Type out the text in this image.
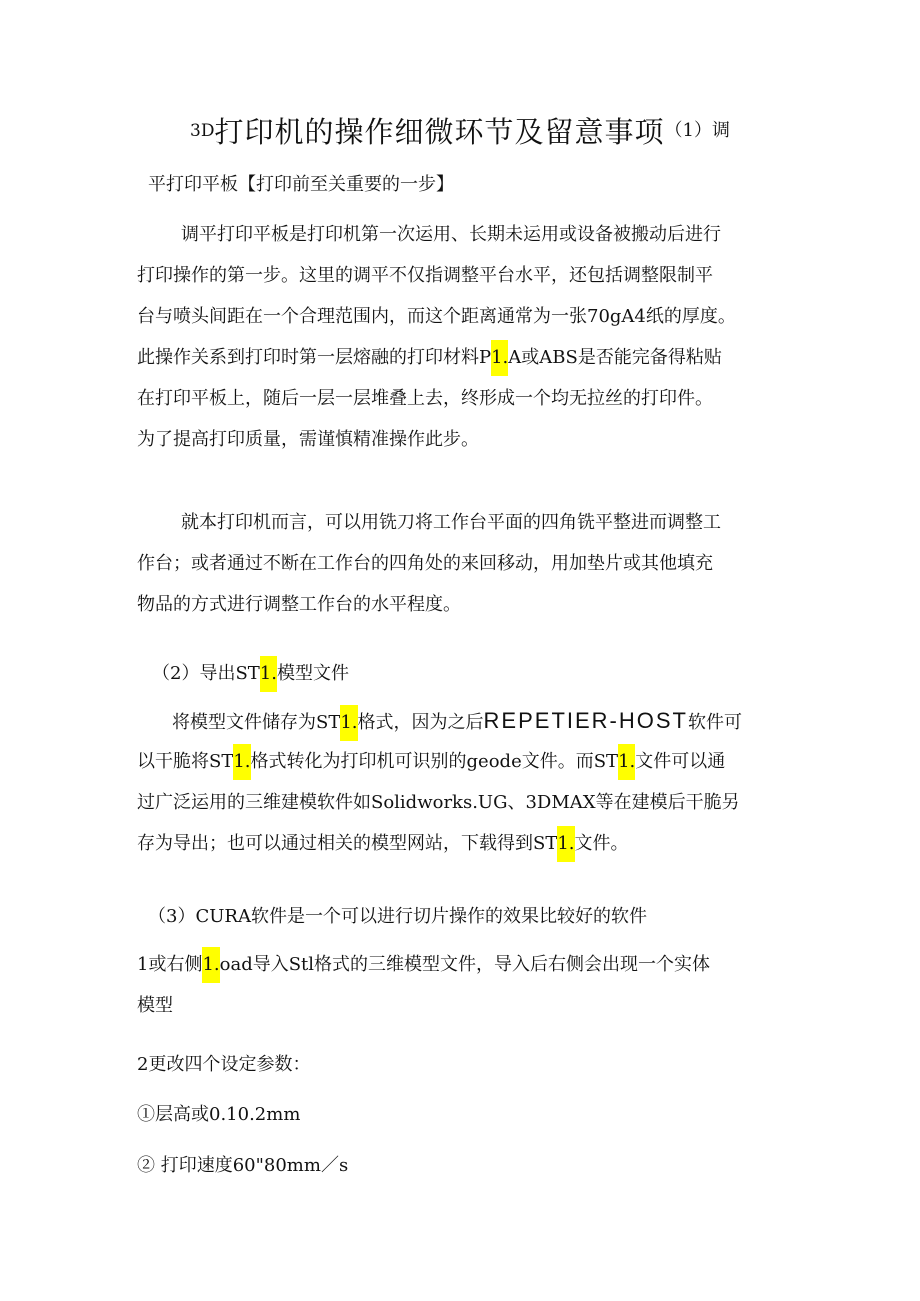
3D打印机的操作细微环节及留意事项（1）调
平打印平板【打印前至关重要的一步】
调平打印平板是打印机第一次运用、长期未运用或设备被搬动后进行
打印操作的第一步。这里的调平不仅指调整平台水平，还包括调整限制平
台与喷头间距在一个合理范围内，而这个距离通常为一张70gA4纸的厚度。
此操作关系到打印时第一层熔融的打印材料P1.A或ABS是否能完备得粘贴
在打印平板上，随后一层一层堆叠上去，终形成一个均无拉丝的打印件。
为了提高打印质量，需谨慎精准操作此步。
就本打印机而言，可以用铣刀将工作台平面的四角铣平整进而调整工
作台；或者通过不断在工作台的四角处的来回移动，用加垫片或其他填充
物品的方式进行调整工作台的水平程度。
（2）导出ST1.模型文件
将模型文件储存为ST1.格式，因为之后REPETIER-HOST软件可
以干脆将ST1.格式转化为打印机可识别的geode文件。而ST1.文件可以通
过广泛运用的三维建模软件如Solidworks.UG、3DMAX等在建模后干脆另
存为导出；也可以通过相关的模型网站，下载得到ST1.文件。
（3）CURA软件是一个可以进行切片操作的效果比较好的软件
1或右侧1.oad导入Stl格式的三维模型文件，导入后右侧会出现一个实体
模型
2更改四个设定参数：
①层高或0.10.2mm
② 打印速度60"80mm／s
